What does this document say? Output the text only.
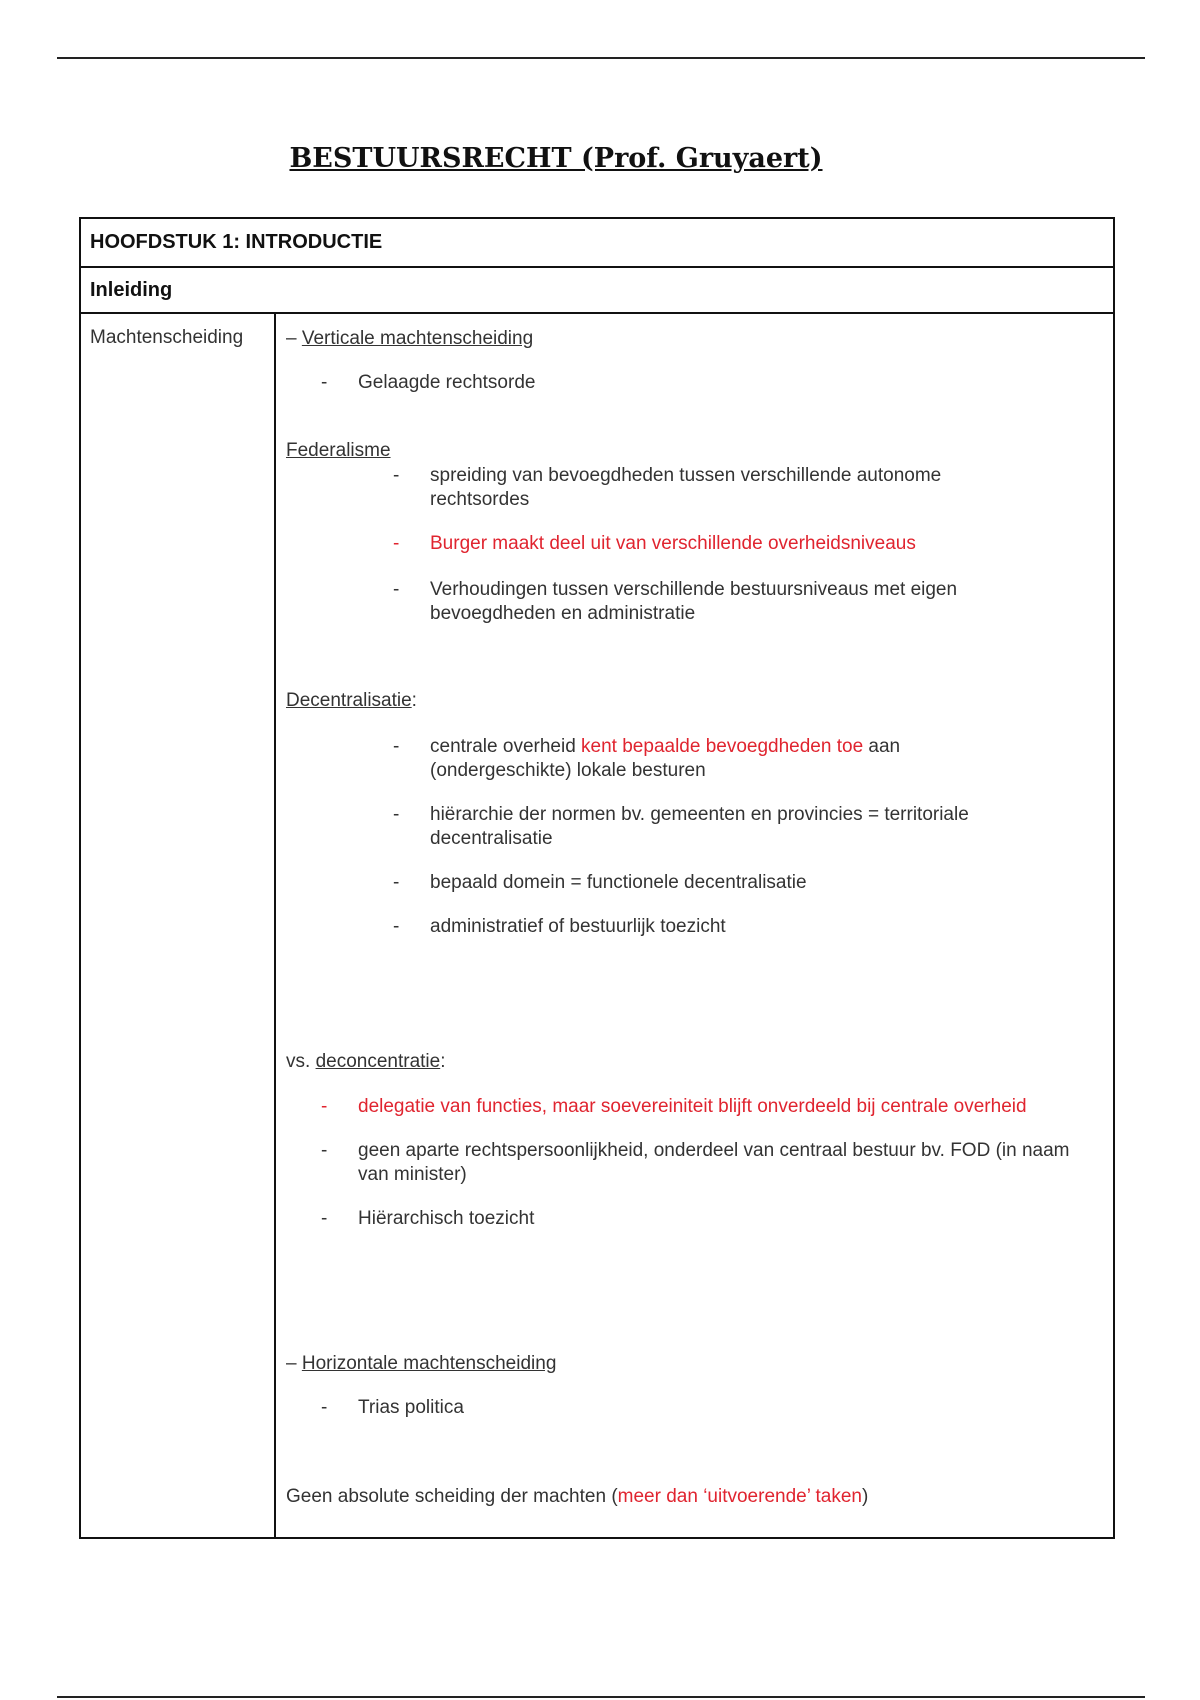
BESTUURSRECHT (Prof. Gruyaert)
HOOFDSTUK 1: INTRODUCTIE
Inleiding
Machtenscheiding	– Verticale machtenscheiding
- Gelaagde rechtsorde
Federalisme
- spreiding van bevoegdheden tussen verschillende autonome rechtsordes
- Burger maakt deel uit van verschillende overheidsniveaus
- Verhoudingen tussen verschillende bestuursniveaus met eigen bevoegdheden en administratie
Decentralisatie:
- centrale overheid kent bepaalde bevoegdheden toe aan (ondergeschikte) lokale besturen
- hiërarchie der normen bv. gemeenten en provincies = territoriale decentralisatie
- bepaald domein = functionele decentralisatie
- administratief of bestuurlijk toezicht
vs. deconcentratie:
- delegatie van functies, maar soevereiniteit blijft onverdeeld bij centrale overheid
- geen aparte rechtspersoonlijkheid, onderdeel van centraal bestuur bv. FOD (in naam van minister)
- Hiërarchisch toezicht
– Horizontale machtenscheiding
- Trias politica
Geen absolute scheiding der machten (meer dan ‘uitvoerende’ taken)
